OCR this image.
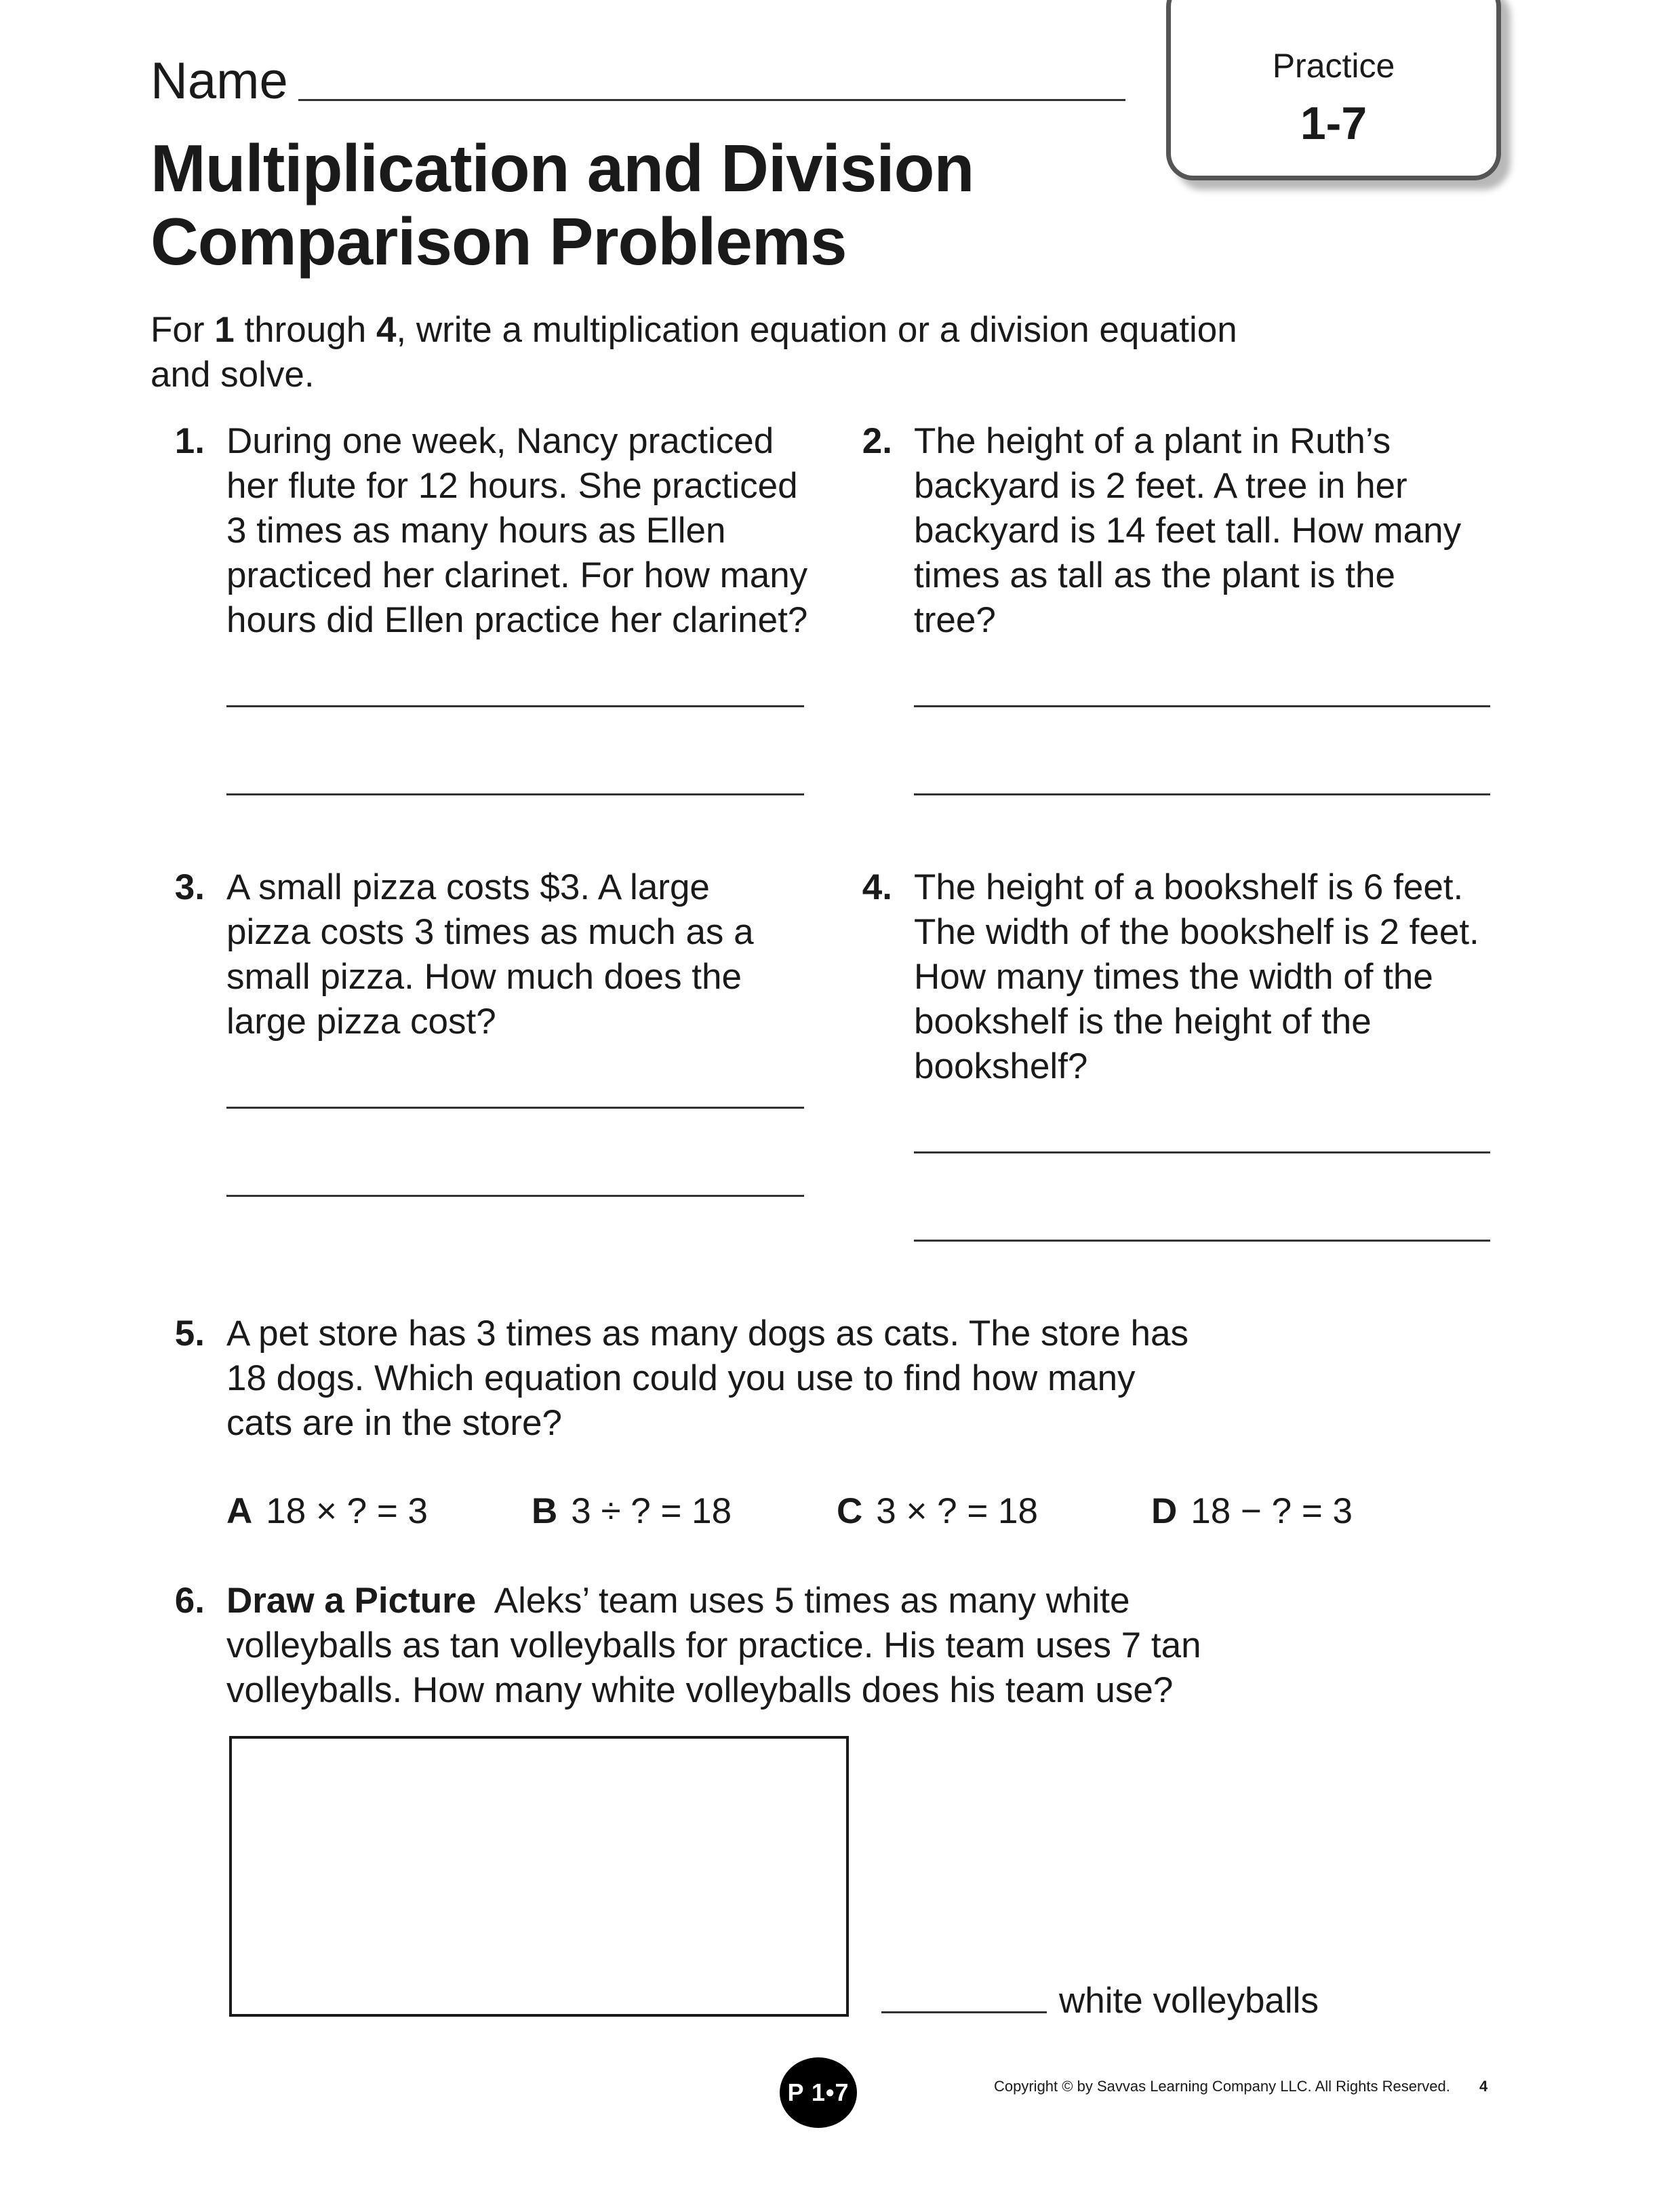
Name
Multiplication and Division
Comparison Problems
Practice
1-7
For 1 through 4, write a multiplication equation or a division equation and solve.
1. During one week, Nancy practiced
her flute for 12 hours. She practiced
3 times as many hours as Ellen
practiced her clarinet. For how many
hours did Ellen practice her clarinet?
2. The height of a plant in Ruth’s
backyard is 2 feet. A tree in her
backyard is 14 feet tall. How many
times as tall as the plant is the
tree?
3. A small pizza costs $3. A large
pizza costs 3 times as much as a
small pizza. How much does the
large pizza cost?
4. The height of a bookshelf is 6 feet.
The width of the bookshelf is 2 feet.
How many times the width of the
bookshelf is the height of the
bookshelf?
5. A pet store has 3 times as many dogs as cats. The store has
18 dogs. Which equation could you use to find how many
cats are in the store?
A 18 × ? = 3	B 3 ÷ ? = 18	C 3 × ? = 18	D 18 − ? = 3
6. Draw a Picture Aleks’ team uses 5 times as many white
volleyballs as tan volleyballs for practice. His team uses 7 tan
volleyballs. How many white volleyballs does his team use?
white volleyballs
P 1•7	Copyright © by Savvas Learning Company LLC. All Rights Reserved. 4
